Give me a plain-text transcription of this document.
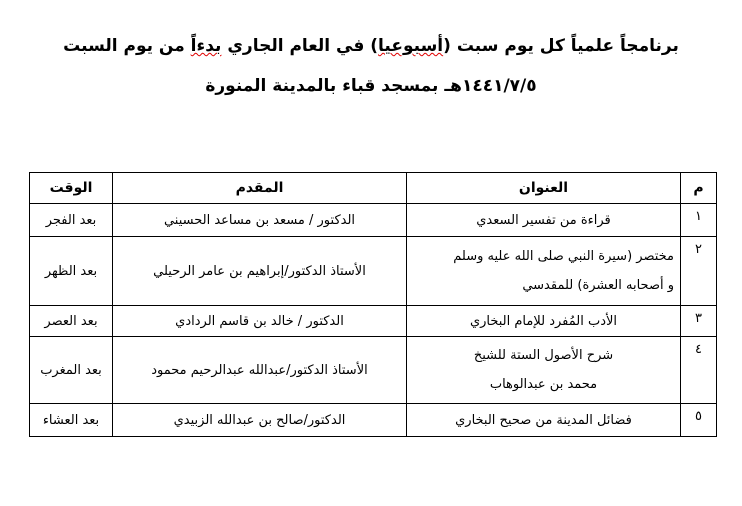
برنامجاً علمياً كل يوم سبت (أسبوعيا) في العام الجاري بدءاً من يوم السبت
١٤٤١/٧/٥هـ بمسجد قباء بالمدينة المنورة
م	العنوان	المقدم	الوقت
١	قراءة من تفسير السعدي	الدكتور / مسعد بن مساعد الحسيني	بعد الفجر
٢	مختصر (سيرة النبي صلى الله عليه وسلم
و أصحابه العشرة) للمقدسي	الأستاذ الدكتور/إبراهيم بن عامر الرحيلي	بعد الظهر
٣	الأدب المُفرد للإمام البخاري	الدكتور / خالد بن قاسم الردادي	بعد العصر
٤	شرح الأصول الستة للشيخ
محمد بن عبدالوهاب	الأستاذ الدكتور/عبدالله عبدالرحيم محمود	بعد المغرب
٥	فضائل المدينة من صحيح البخاري	الدكتور/صالح بن عبدالله الزبيدي	بعد العشاء
